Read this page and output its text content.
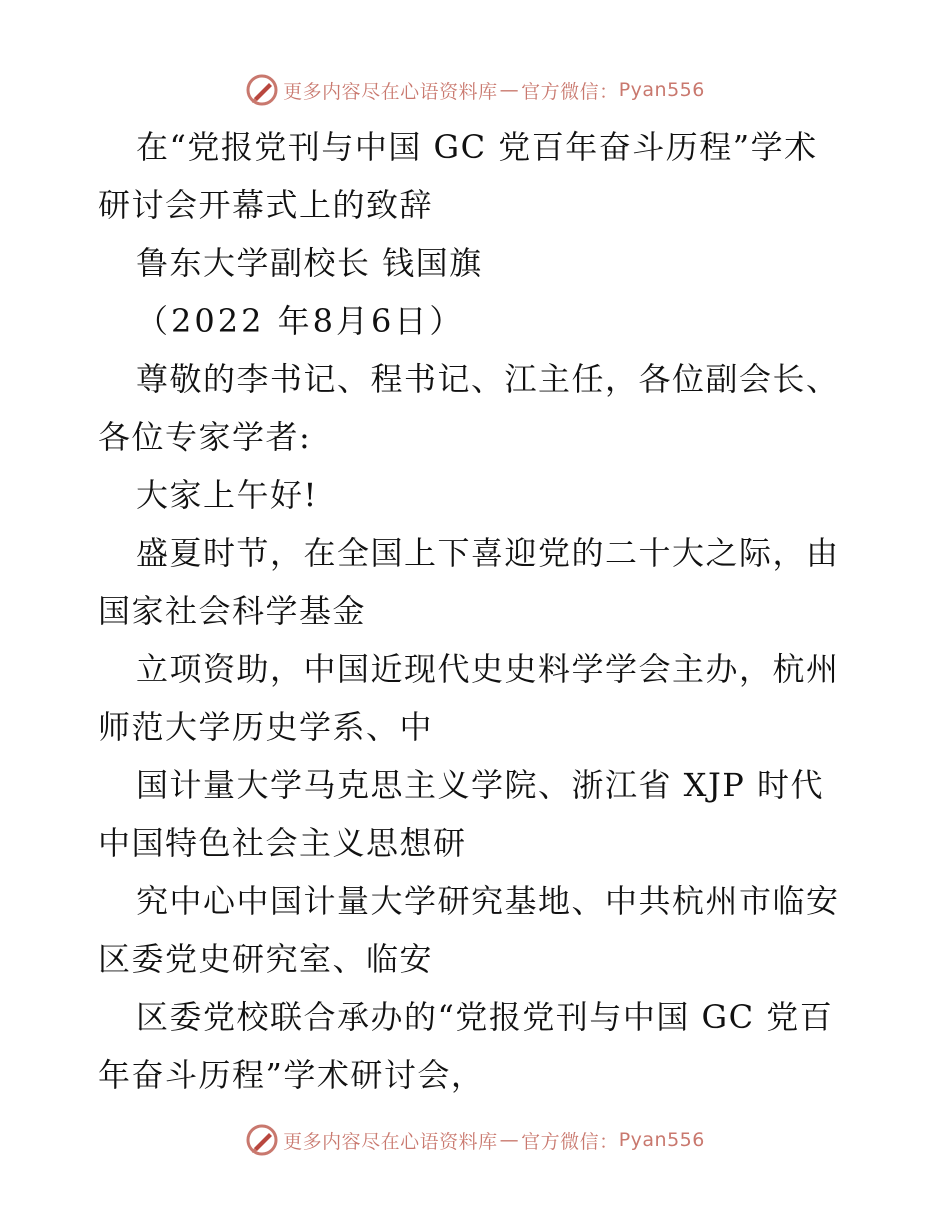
更多内容尽在心语资料库 — 官方微信： Pyan556
在“党报党刊与中国 GC 党百年奋斗历程”学术
研讨会开幕式上的致辞
鲁东大学副校长 钱国旗
（2022 年8月6日）
尊敬的李书记、程书记、江主任，各位副会长、
各位专家学者:
大家上午好!
盛夏时节，在全国上下喜迎党的二十大之际，由
国家社会科学基金
立项资助，中国近现代史史料学学会主办，杭州
师范大学历史学系、中
国计量大学马克思主义学院、浙江省 XJP 时代
中国特色社会主义思想研
究中心中国计量大学研究基地、中共杭州市临安
区委党史研究室、临安
区委党校联合承办的“党报党刊与中国 GC 党百
年奋斗历程”学术研讨会，
更多内容尽在心语资料库 — 官方微信： Pyan556
